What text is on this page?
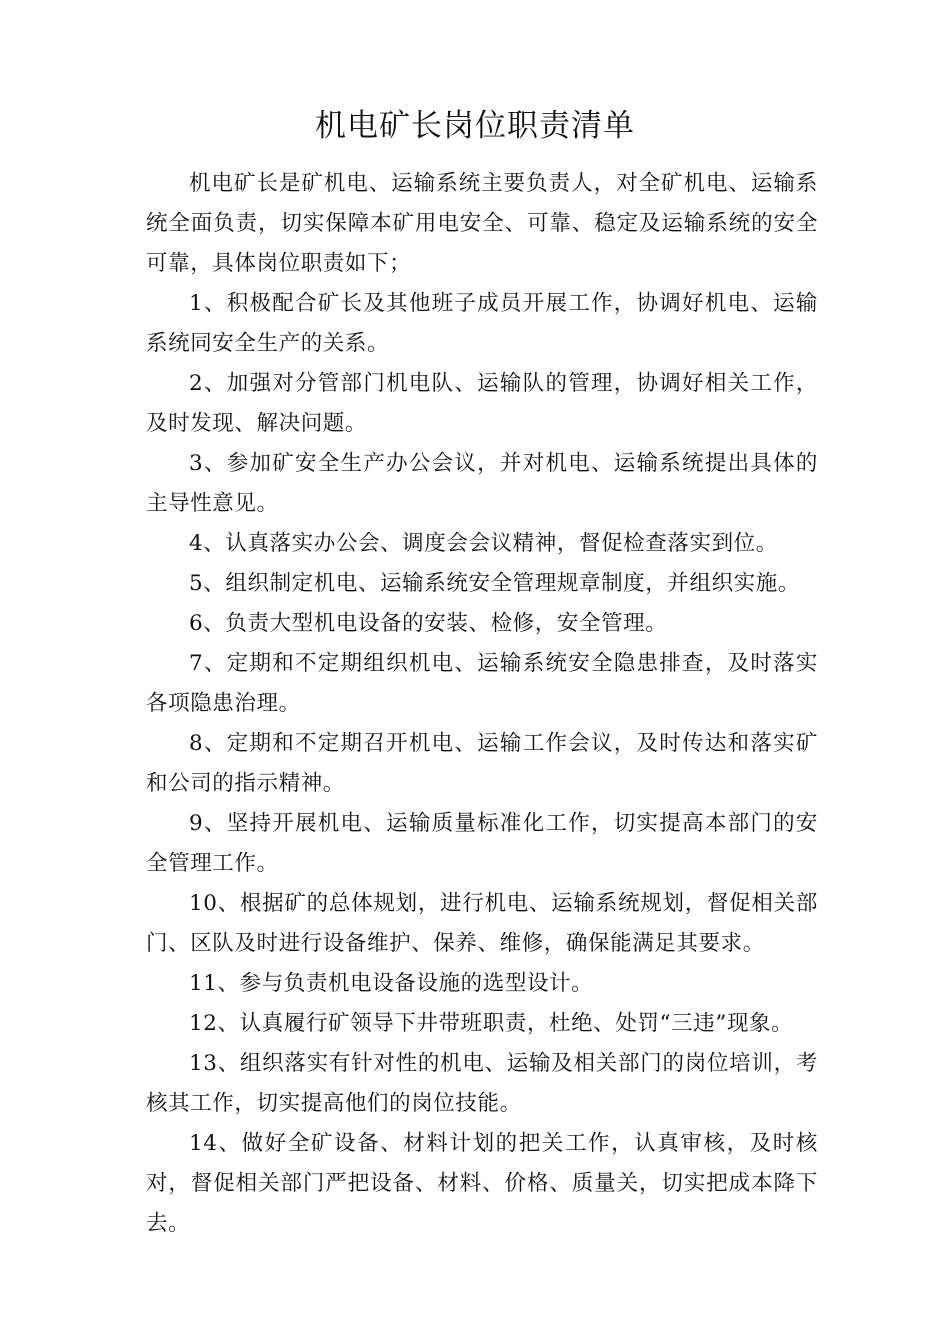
机电矿长岗位职责清单

机电矿长是矿机电、运输系统主要负责人，对全矿机电、运输系统全面负责，切实保障本矿用电安全、可靠、稳定及运输系统的安全可靠，具体岗位职责如下；

1、积极配合矿长及其他班子成员开展工作，协调好机电、运输系统同安全生产的关系。

2、加强对分管部门机电队、运输队的管理，协调好相关工作，及时发现、解决问题。

3、参加矿安全生产办公会议，并对机电、运输系统提出具体的主导性意见。

4、认真落实办公会、调度会会议精神，督促检查落实到位。

5、组织制定机电、运输系统安全管理规章制度，并组织实施。

6、负责大型机电设备的安装、检修，安全管理。

7、定期和不定期组织机电、运输系统安全隐患排查，及时落实各项隐患治理。

8、定期和不定期召开机电、运输工作会议，及时传达和落实矿和公司的指示精神。

9、坚持开展机电、运输质量标准化工作，切实提高本部门的安全管理工作。

10、根据矿的总体规划，进行机电、运输系统规划，督促相关部门、区队及时进行设备维护、保养、维修，确保能满足其要求。

11、参与负责机电设备设施的选型设计。

12、认真履行矿领导下井带班职责，杜绝、处罚“三违”现象。

13、组织落实有针对性的机电、运输及相关部门的岗位培训，考核其工作，切实提高他们的岗位技能。

14、做好全矿设备、材料计划的把关工作，认真审核，及时核对，督促相关部门严把设备、材料、价格、质量关，切实把成本降下去。
